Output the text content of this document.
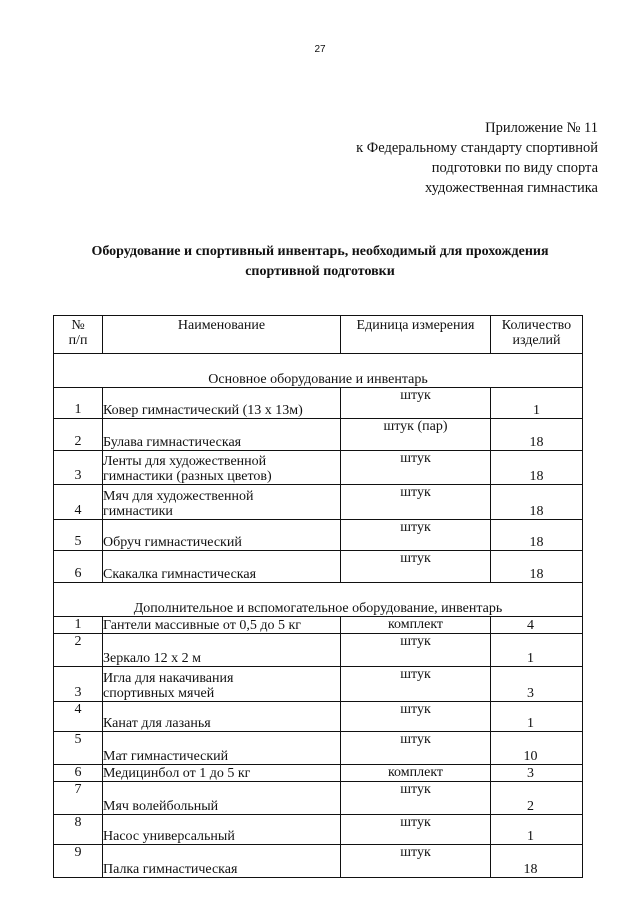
27
Приложение № 11
к Федеральному стандарту спортивной
подготовки по виду спорта
художественная гимнастика
Оборудование и спортивный инвентарь, необходимый для прохождения
спортивной подготовки
№
п/п	Наименование	Единица измерения	Количество
изделий

Основное оборудование и инвентарь			
1	Ковер гимнастический (13 х 13м)	штук	1
2	Булава гимнастическая	штук (пар)	18
3	Ленты для художественной
гимнастики (разных цветов)	штук	18
4	Мяч для художественной
гимнастики	штук	18
5	Обруч гимнастический	штук	18
6	Скакалка гимнастическая	штук	18

Дополнительное и вспомогательное оборудование, инвентарь			
1	Гантели массивные от 0,5 до 5 кг	комплект	4
2	Зеркало 12 х 2 м	штук	1
3	Игла для накачивания
спортивных мячей	штук	3
4	Канат для лазанья	штук	1
5	Мат гимнастический	штук	10
6	Медицинбол от 1 до 5 кг	комплект	3
7	Мяч волейбольный	штук	2
8	Насос универсальный	штук	1
9	Палка гимнастическая	штук	18
